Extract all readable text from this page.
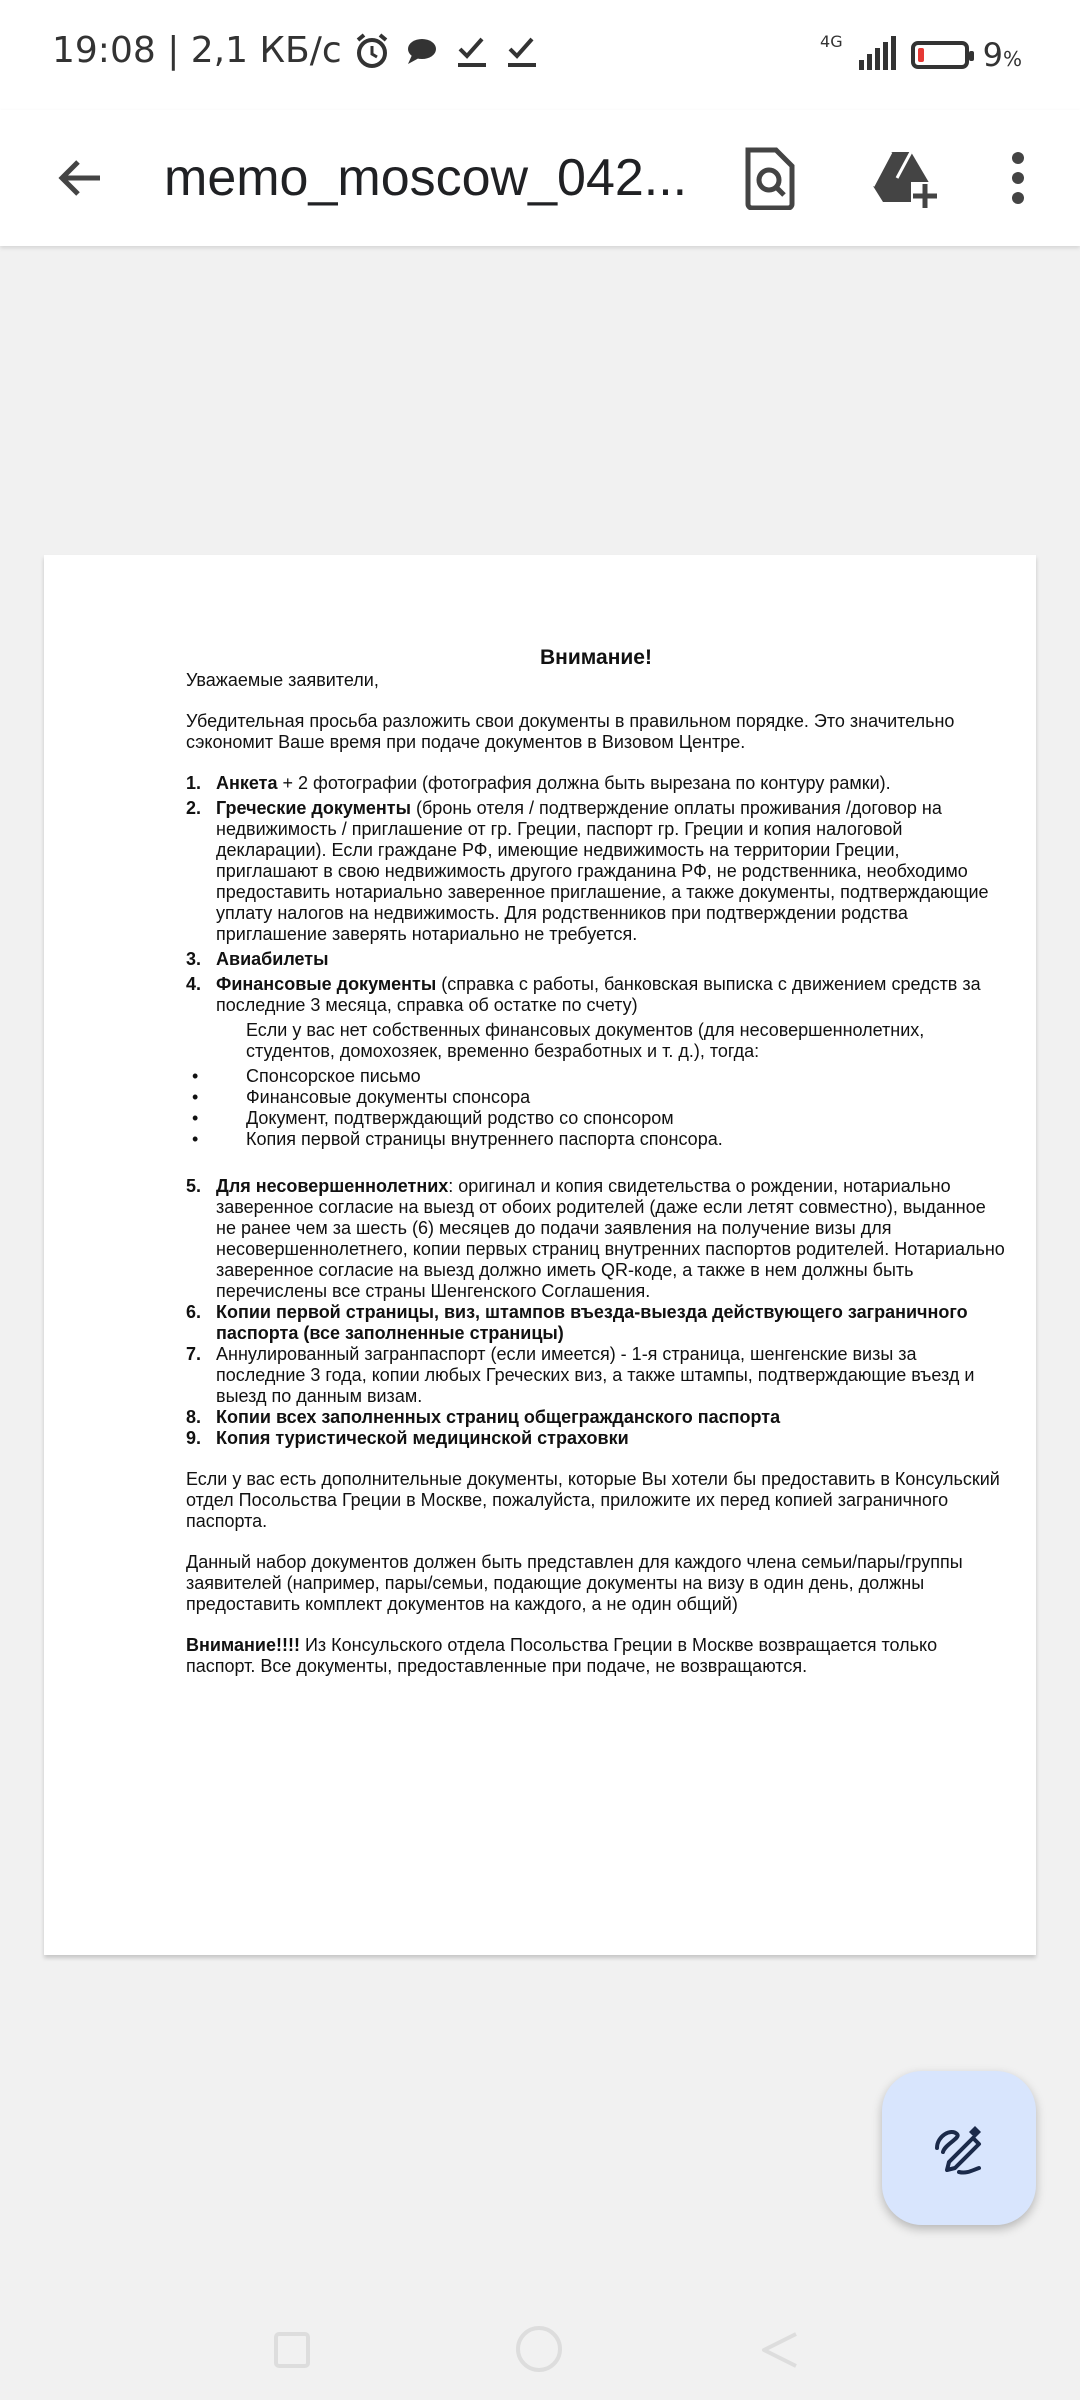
19:08 | 2,1 КБ/с	4G	9%
memo_moscow_042...
Внимание!

Уважаемые заявители,

Убедительная просьба разложить свои документы в правильном порядке. Это значительно сэкономит Ваше время при подаче документов в Визовом Центре.

1. Анкета + 2 фотографии (фотография должна быть вырезана по контуру рамки).
2. Греческие документы (бронь отеля / подтверждение оплаты проживания /договор на недвижимость / приглашение от гр. Греции, паспорт гр. Греции и копия налоговой декларации). Если граждане РФ, имеющие недвижимость на территории Греции, приглашают в свою недвижимость другого гражданина РФ, не родственника, необходимо предоставить нотариально заверенное приглашение, а также документы, подтверждающие уплату налогов на недвижимость. Для родственников при подтверждении родства приглашение заверять нотариально не требуется.
3. Авиабилеты
4. Финансовые документы (справка с работы, банковская выписка с движением средств за последние 3 месяца, справка об остатке по счету)

Если у вас нет собственных финансовых документов (для несовершеннолетних, студентов, домохозяек, временно безработных и т. д.), тогда:

• Спонсорское письмо
• Финансовые документы спонсора
• Документ, подтверждающий родство со спонсором
• Копия первой страницы внутреннего паспорта спонсора.
5. Для несовершеннолетних: оригинал и копия свидетельства о рождении, нотариально заверенное согласие на выезд от обоих родителей (даже если летят совместно), выданное не ранее чем за шесть (6) месяцев до подачи заявления на получение визы для несовершеннолетнего, копии первых страниц внутренних паспортов родителей. Нотариально заверенное согласие на выезд должно иметь QR-коде, а также в нем должны быть перечислены все страны Шенгенского Соглашения.
6. Копии первой страницы, виз, штампов въезда-выезда действующего заграничного паспорта (все заполненные страницы)
7. Аннулированный загранпаспорт (если имеется) - 1-я страница, шенгенские визы за последние 3 года, копии любых Греческих виз, а также штампы, подтверждающие въезд и выезд по данным визам.
8. Копии всех заполненных страниц общегражданского паспорта
9. Копия туристической медицинской страховки

Если у вас есть дополнительные документы, которые Вы хотели бы предоставить в Консульский отдел Посольства Греции в Москве, пожалуйста, приложите их перед копией заграничного паспорта.

Данный набор документов должен быть представлен для каждого члена семьи/пары/группы заявителей (например, пары/семьи, подающие документы на визу в один день, должны предоставить комплект документов на каждого, а не один общий)

Внимание!!!! Из Консульского отдела Посольства Греции в Москве возвращается только паспорт. Все документы, предоставленные при подаче, не возвращаются.
